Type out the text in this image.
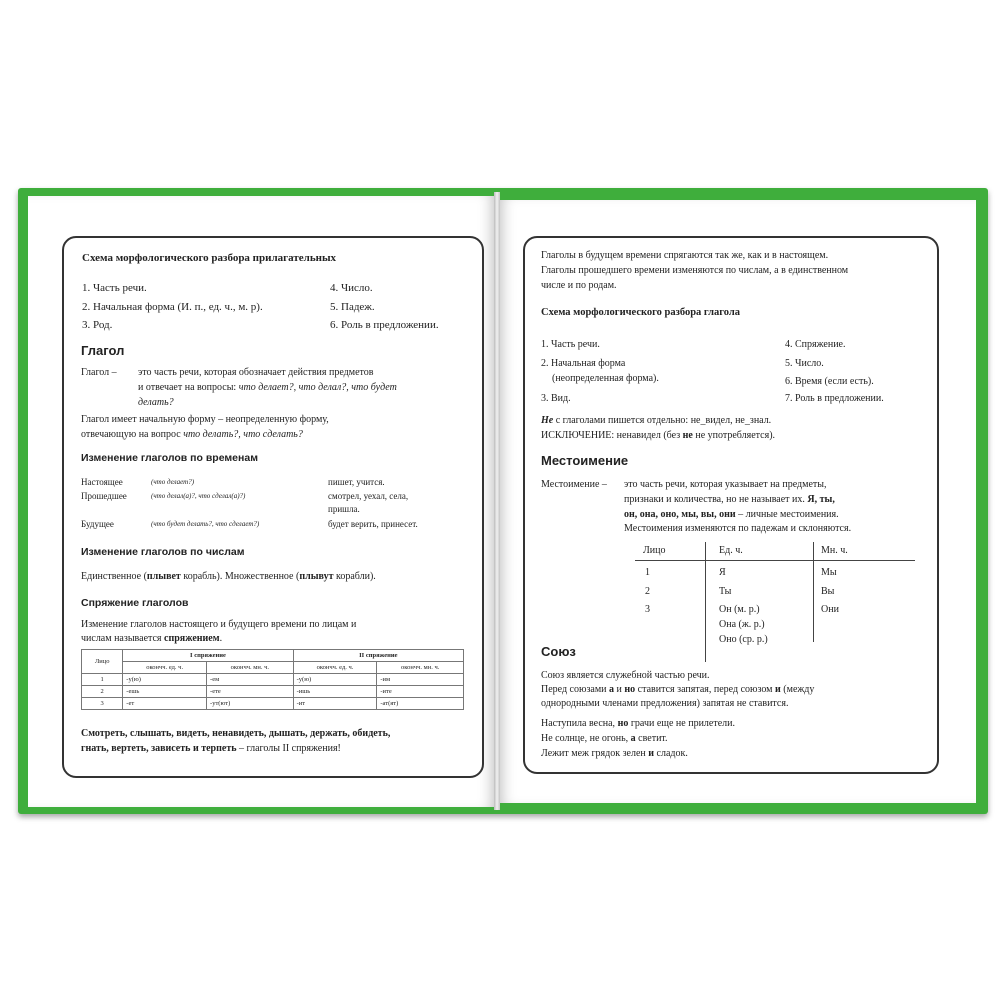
Схема морфологического разбора прилагательных
1. Часть речи.
2. Начальная форма (И. п., ед. ч., м. р).
3. Род.
4. Число.
5. Падеж.
6. Роль в предложении.
Глагол
Глагол – это часть речи, которая обозначает действия предметов
и отвечает на вопросы: что делает?, что делал?, что будет
делать?
Глагол имеет начальную форму – неопределенную форму,
отвечающую на вопрос что делать?, что сделать?
Изменение глаголов по временам
Настоящее	(что делает?)	пишет, учится.
Прошедшее	(что делал(а)?, что сделал(а)?)	смотрел, уехал, села,
пришла.
Будущее	(что будет делать?, что сделает?)	будет верить, принесет.
Изменение глаголов по числам
Единственное (плывет корабль). Множественное (плывут корабли).
Спряжение глаголов
Изменение глаголов настоящего и будущего времени по лицам и
числам называется спряжением.
Лицо	I спряжение		II спряжение	
	окончч. ед. ч.	окончч. мн. ч.	окончч. ед. ч.	окончч. мн. ч.
1	-у(ю)	-ем	-у(ю)	-им
2	-ешь	-ете	-ишь	-ите
3	-ет	-ут(ют)	-ит	-ат(ят)
Смотреть, слышать, видеть, ненавидеть, дышать, держать, обидеть,
гнать, вертеть, зависеть и терпеть – глаголы II спряжения!
Глаголы в будущем времени спрягаются так же, как и в настоящем.
Глаголы прошедшего времени изменяются по числам, а в единственном
числе и по родам.
Схема морфологического разбора глагола
1. Часть речи.
2. Начальная форма
(неопределенная форма).
3. Вид.
4. Спряжение.
5. Число.
6. Время (если есть).
7. Роль в предложении.
Не с глаголами пишется отдельно: не_видел, не_знал.
ИСКЛЮЧЕНИЕ: ненавидел (без не не употребляется).
Местоимение
Местоимение – это часть речи, которая указывает на предметы,
признаки и количества, но не называет их. Я, ты,
он, она, оно, мы, вы, они – личные местоимения.
Местоимения изменяются по падежам и склоняются.
Лицо	Ед. ч.	Мн. ч.
1	Я	Мы
2	Ты	Вы
3	Он (м. р.)	Они
Она (ж. р.)
Оно (ср. р.)
Союз
Союз является служебной частью речи.
Перед союзами а и но ставится запятая, перед союзом и (между
однородными членами предложения) запятая не ставится.
Наступила весна, но грачи еще не прилетели.
Не солнце, не огонь, а светит.
Лежит меж грядок зелен и сладок.
